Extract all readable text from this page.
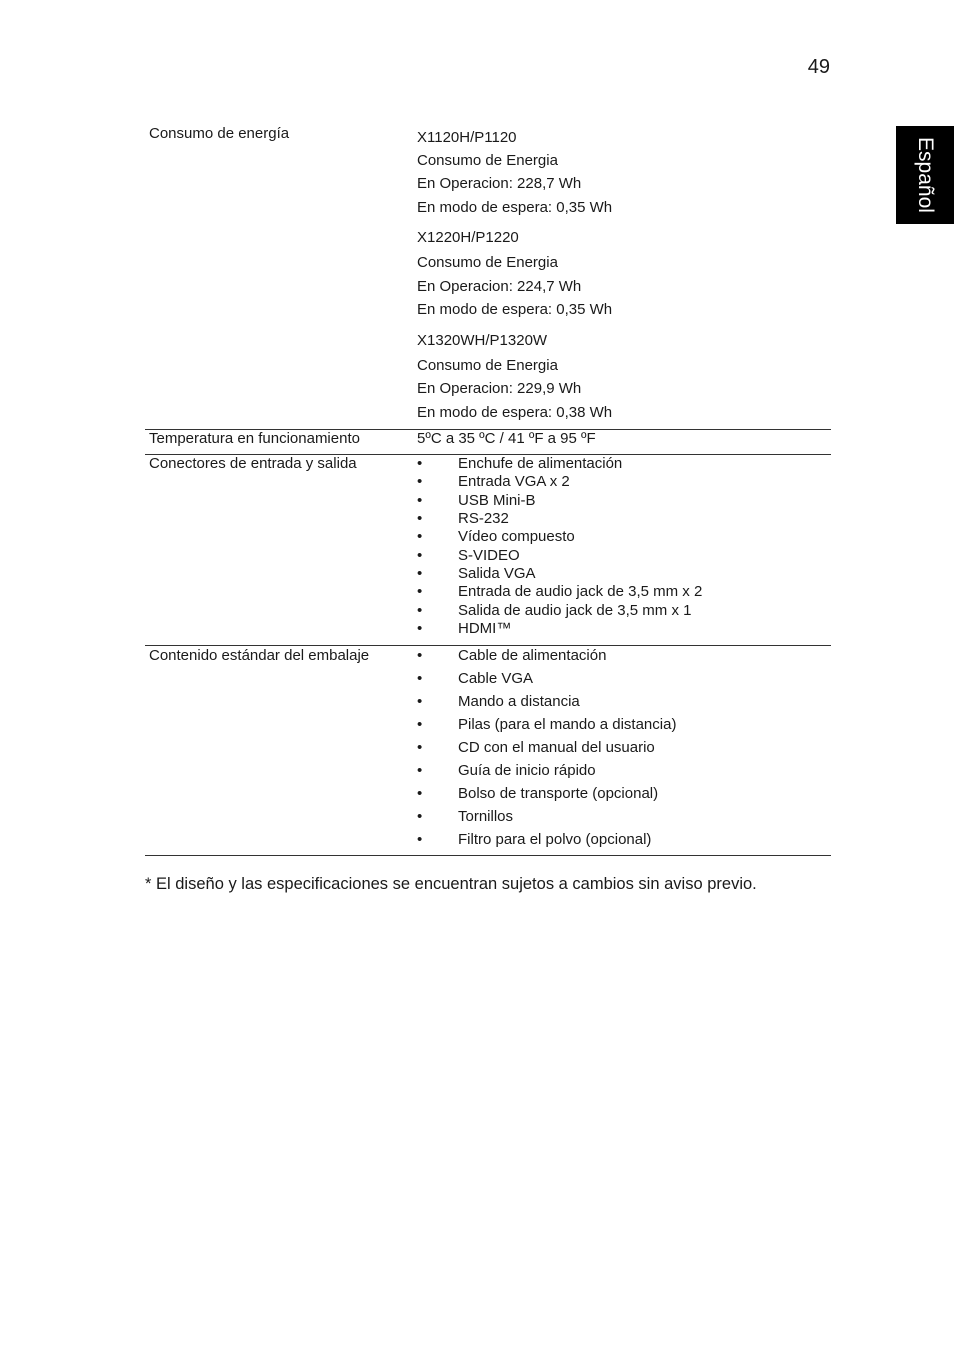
49
Español
Consumo de energía	X1120H/P1120
Consumo de Energia
En Operacion: 228,7 Wh
En modo de espera: 0,35 Wh
X1220H/P1220
Consumo de Energia
En Operacion: 224,7 Wh
En modo de espera: 0,35 Wh
X1320WH/P1320W
Consumo de Energia
En Operacion: 229,9 Wh
En modo de espera: 0,38 Wh
Temperatura en funcionamiento	5ºC a 35 ºC / 41 ºF a 95 ºF
Conectores de entrada y salida	• Enchufe de alimentación
• Entrada VGA x 2
• USB Mini-B
• RS-232
• Vídeo compuesto
• S-VIDEO
• Salida VGA
• Entrada de audio jack de 3,5 mm x 2
• Salida de audio jack de 3,5 mm x 1
• HDMI™
Contenido estándar del embalaje	• Cable de alimentación
• Cable VGA
• Mando a distancia
• Pilas (para el mando a distancia)
• CD con el manual del usuario
• Guía de inicio rápido
• Bolso de transporte (opcional)
• Tornillos
• Filtro para el polvo (opcional)
* El diseño y las especificaciones se encuentran sujetos a cambios sin aviso previo.
